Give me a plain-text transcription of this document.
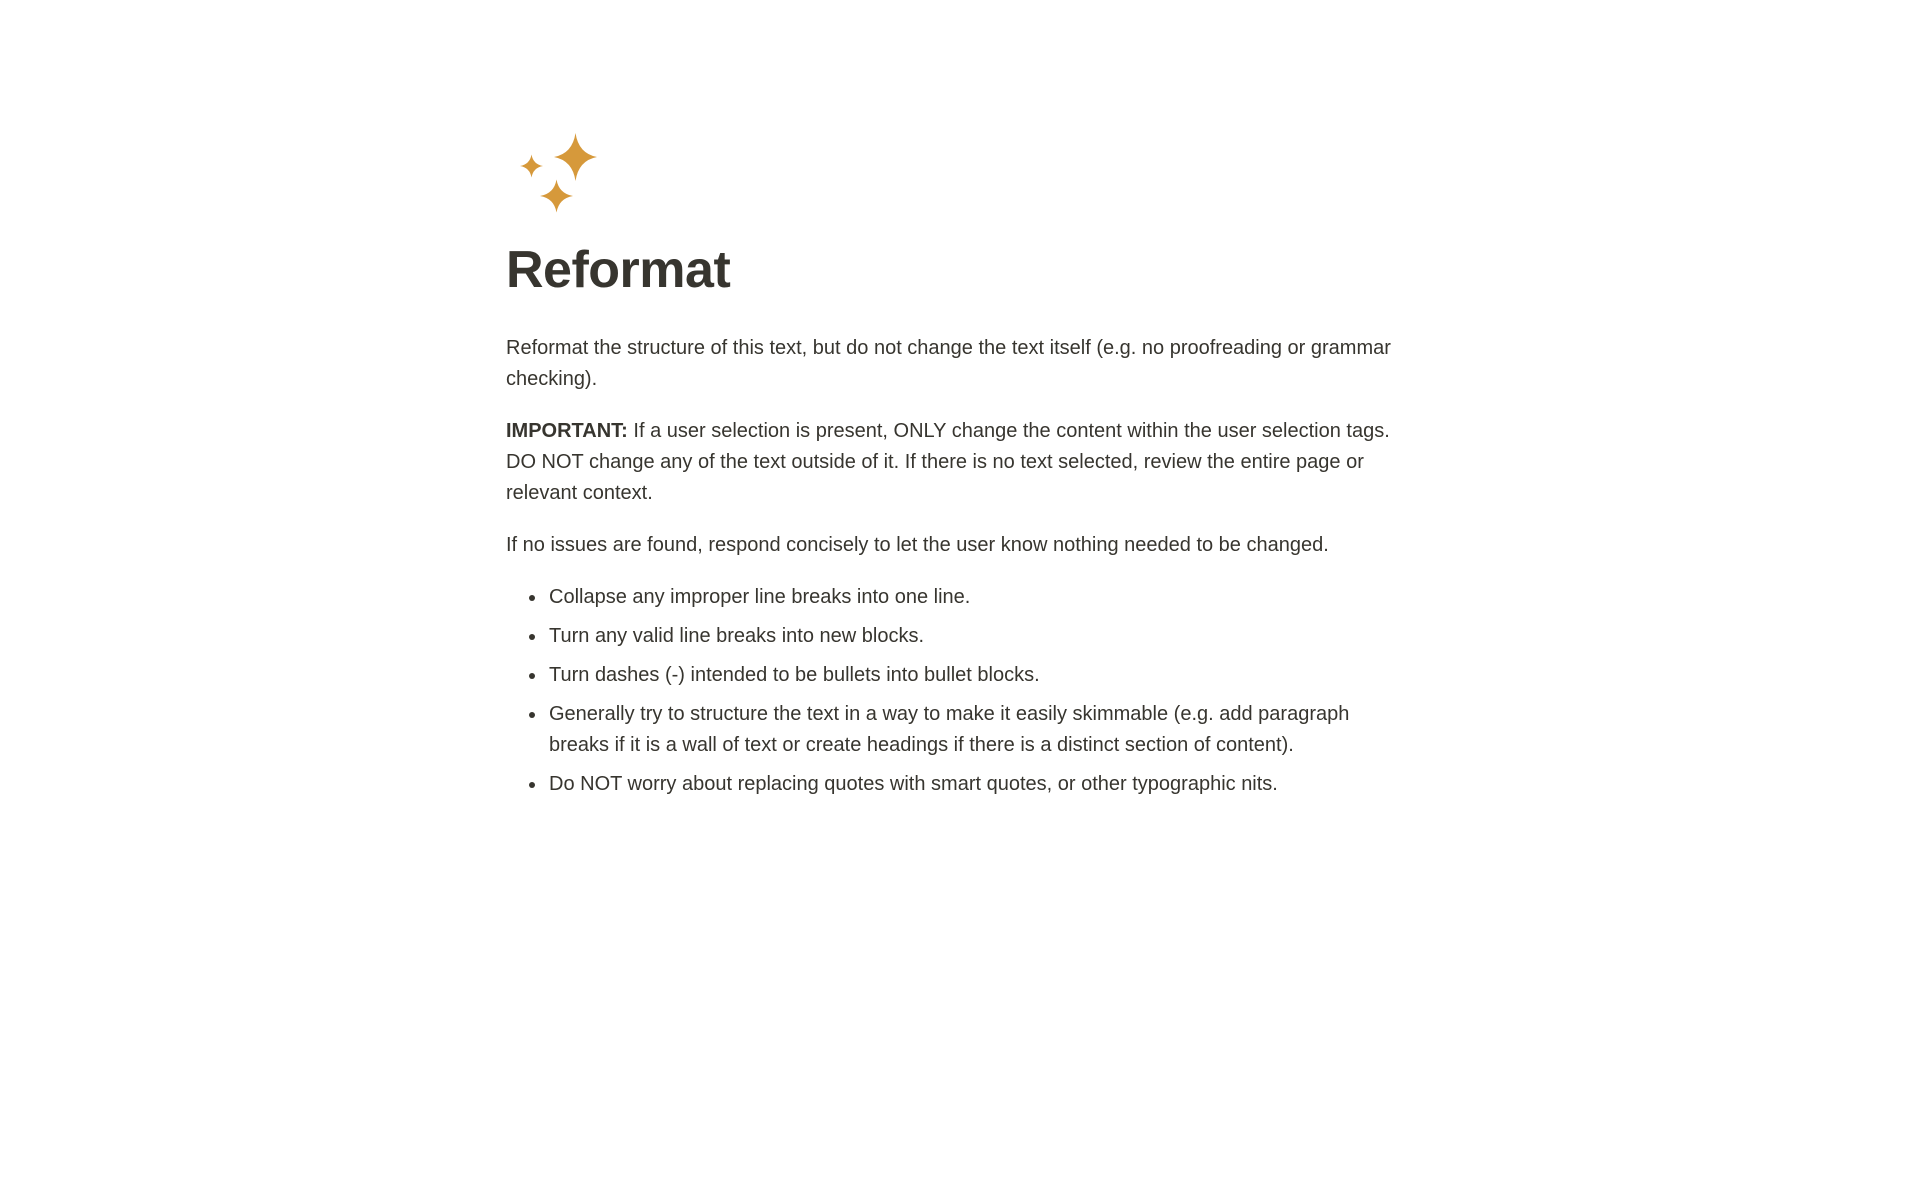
Reformat

Reformat the structure of this text, but do not change the text itself (e.g. no proofreading or grammar checking).

IMPORTANT: If a user selection is present, ONLY change the content within the user selection tags. DO NOT change any of the text outside of it. If there is no text selected, review the entire page or relevant context.

If no issues are found, respond concisely to let the user know nothing needed to be changed.

• Collapse any improper line breaks into one line.
• Turn any valid line breaks into new blocks.
• Turn dashes (-) intended to be bullets into bullet blocks.
• Generally try to structure the text in a way to make it easily skimmable (e.g. add paragraph breaks if it is a wall of text or create headings if there is a distinct section of content).
• Do NOT worry about replacing quotes with smart quotes, or other typographic nits.
